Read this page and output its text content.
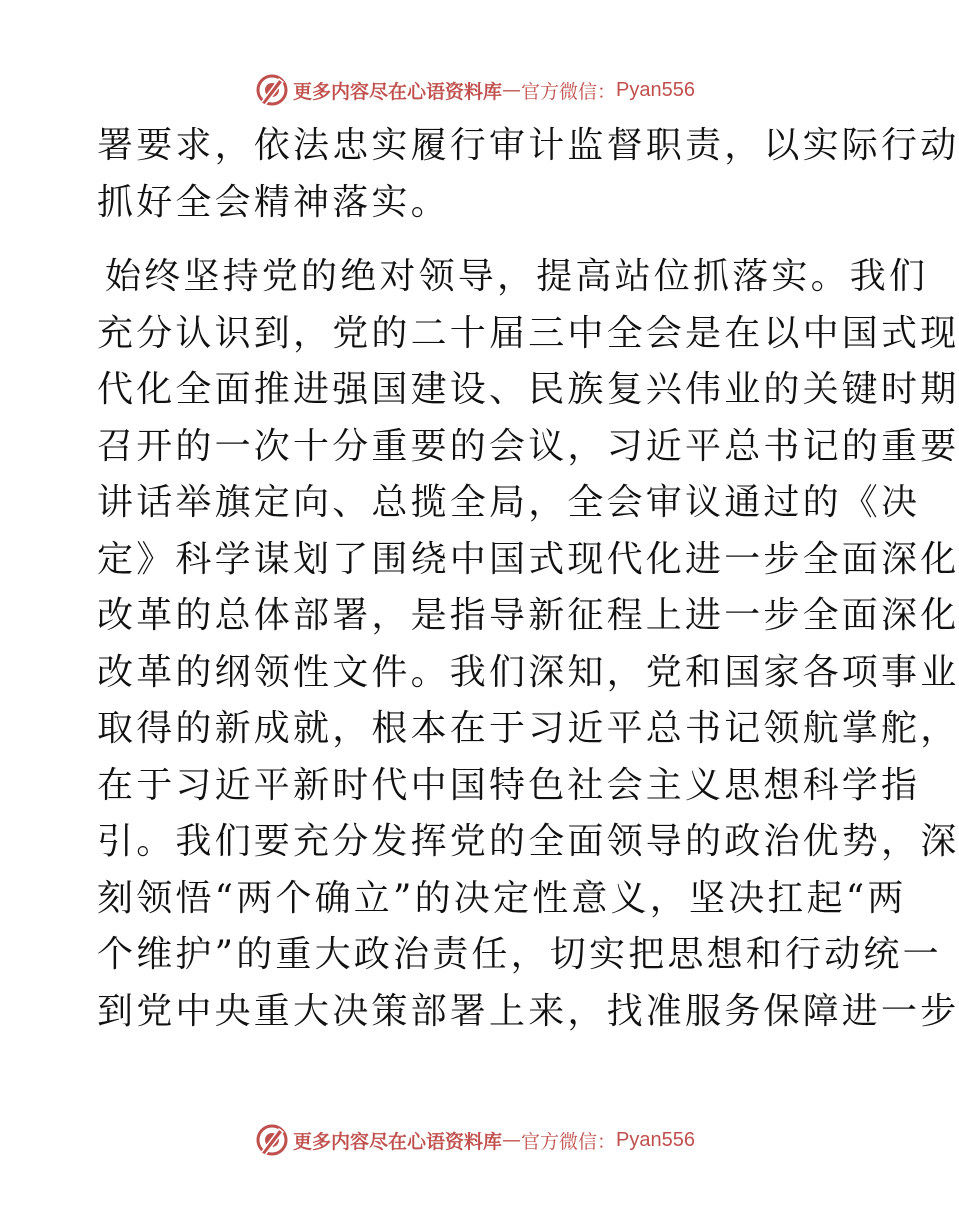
更多内容尽在心语资料库 — 官方微信： Pyan556
署要求，依法忠实履行审计监督职责，以实际行动
抓好全会精神落实。
始终坚持党的绝对领导，提高站位抓落实。我们
充分认识到，党的二十届三中全会是在以中国式现
代化全面推进强国建设、民族复兴伟业的关键时期
召开的一次十分重要的会议，习近平总书记的重要
讲话举旗定向、总揽全局，全会审议通过的《决
定》科学谋划了围绕中国式现代化进一步全面深化
改革的总体部署，是指导新征程上进一步全面深化
改革的纲领性文件。我们深知，党和国家各项事业
取得的新成就，根本在于习近平总书记领航掌舵，
在于习近平新时代中国特色社会主义思想科学指
引。我们要充分发挥党的全面领导的政治优势，深
刻领悟“两个确立”的决定性意义，坚决扛起“两
个维护”的重大政治责任，切实把思想和行动统一
到党中央重大决策部署上来，找准服务保障进一步
更多内容尽在心语资料库 — 官方微信： Pyan556
